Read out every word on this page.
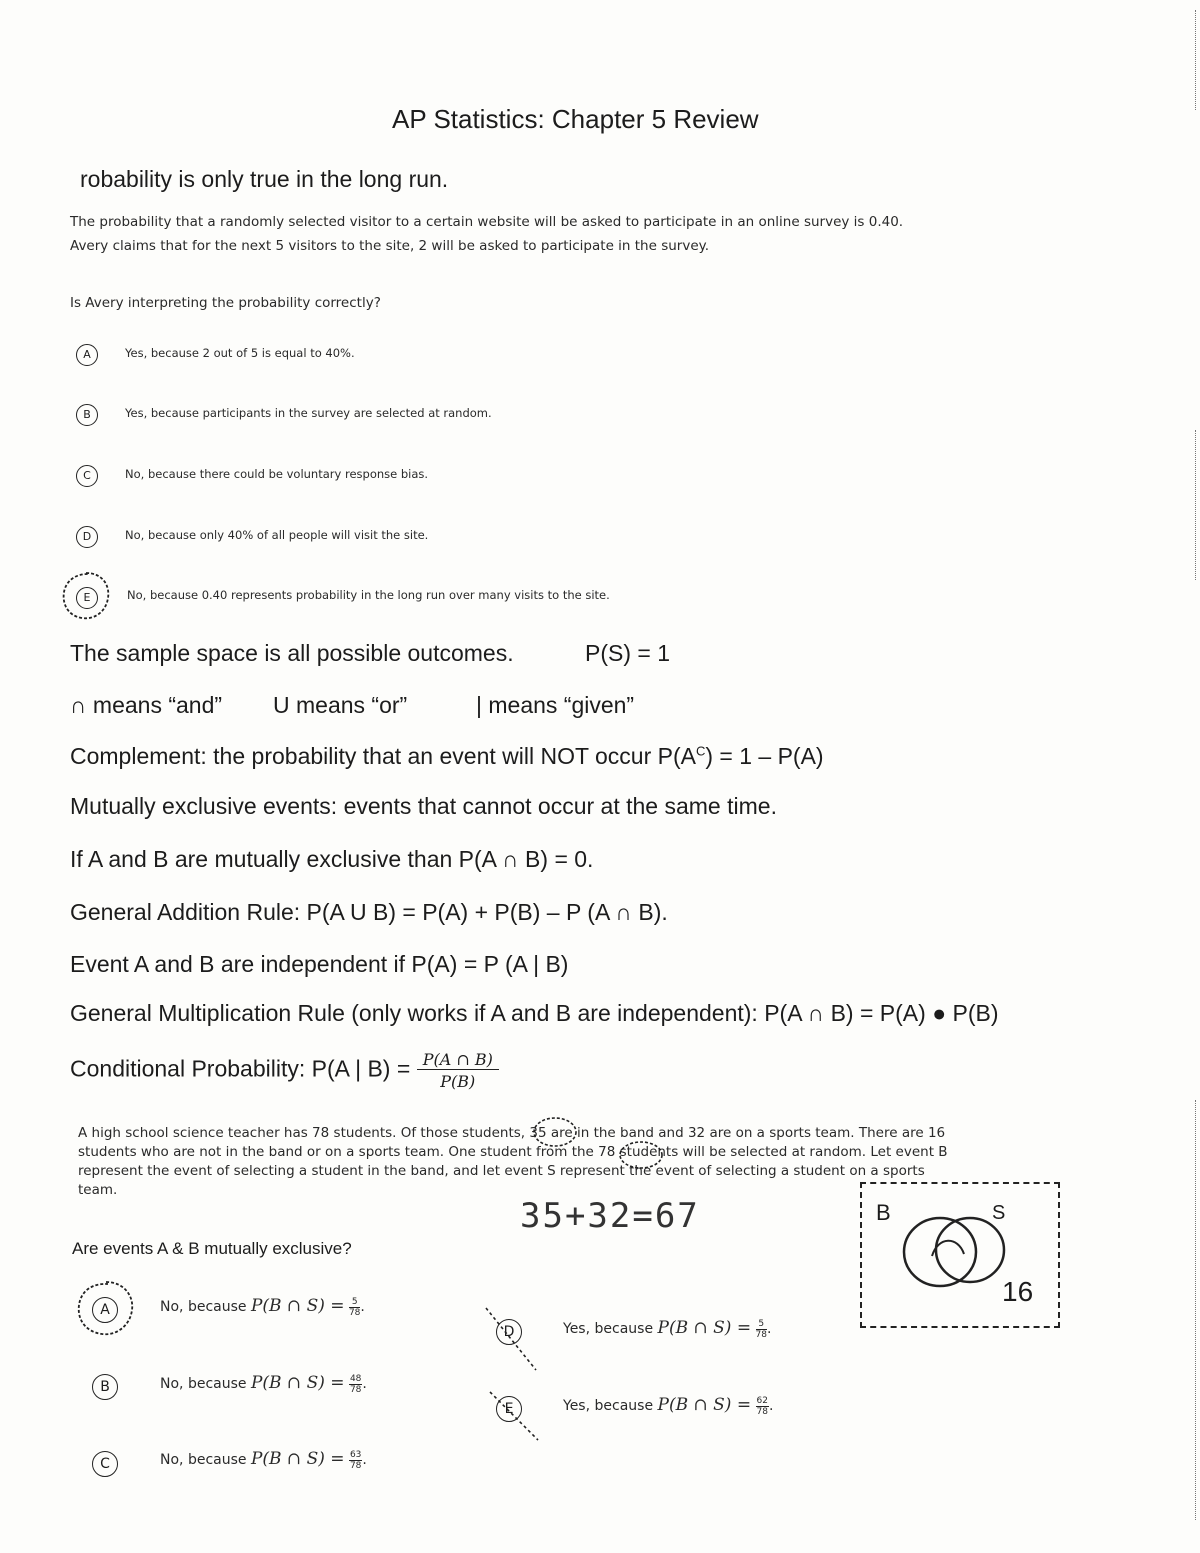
AP Statistics: Chapter 5 Review
robability is only true in the long run.
The probability that a randomly selected visitor to a certain website will be asked to participate in an online survey is 0.40.
Avery claims that for the next 5 visitors to the site, 2 will be asked to participate in the survey.
Is Avery interpreting the probability correctly?
A	Yes, because 2 out of 5 is equal to 40%.
B	Yes, because participants in the survey are selected at random.
C	No, because there could be voluntary response bias.
D	No, because only 40% of all people will visit the site.
E	No, because 0.40 represents probability in the long run over many visits to the site.
The sample space is all possible outcomes.	P(S) = 1
∩ means “and” U means “or”	| means “given”
Complement: the probability that an event will NOT occur $P(A^C) = 1 - P(A)$
Mutually exclusive events: events that cannot occur at the same time.
If A and B are mutually exclusive than P(A ∩ B) = 0.
General Addition Rule: P(A U B) = P(A) + P(B) – P (A ∩ B).
Event A and B are independent if P(A) = P (A | B)
General Multiplication Rule (only works if A and B are independent): P(A ∩ B) = P(A) ● P(B)
Conditional Probability: P(A | $B) = \frac{P(A \cap B)}{P(B)}$
A high school science teacher has 78 students. Of those students, 35 are in the band and 32 are on a sports team. There are 16 students who are not in the band or on a sports team. One student from the 78 students will be selected at random. Let event B represent the event of selecting a student in the band, and let event S represent the event of selecting a student on a sports team.
35+32=67	B	S
16
Are events A & B mutually exclusive?
A	No, because P(B ∩ $S) = \frac{5}{78}$.
B	No, because P(B ∩ $S) = \frac{48}{78}$.
C	No, because P(B ∩ $S) = \frac{63}{78}$.
D	Yes, because P(B ∩ $S) = \frac{5}{78}$.
E	Yes, because P(B ∩ $S) = \frac{62}{78}$.
